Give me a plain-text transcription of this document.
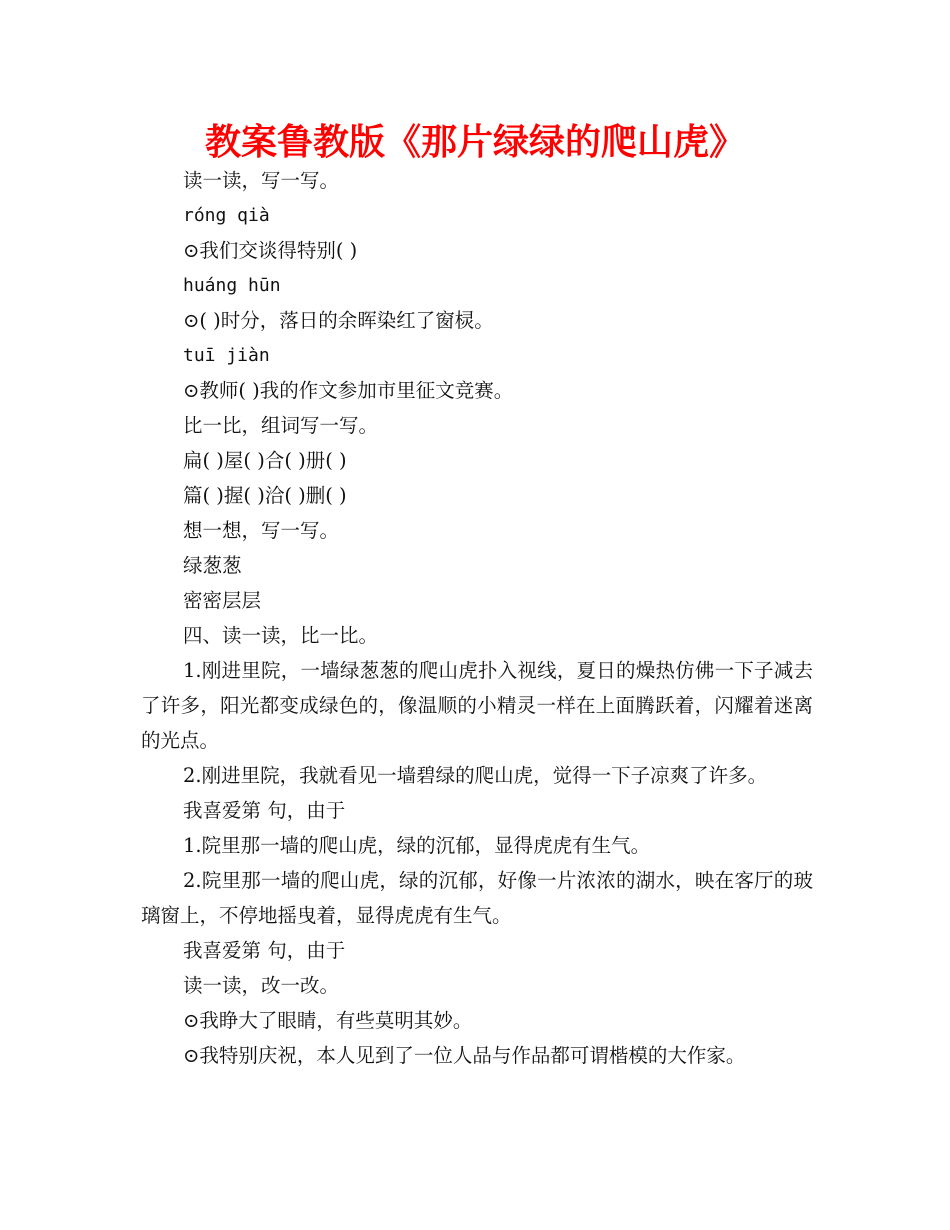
教案鲁教版《那片绿绿的爬山虎》

读一读，写一写。

róng qià

⊙我们交谈得特别( )

huáng hūn

⊙( )时分，落日的余晖染红了窗棂。

tuī jiàn

⊙教师( )我的作文参加市里征文竞赛。

比一比，组词写一写。

扁( )屋( )合( )册( )

篇( )握( )洽( )删( )

想一想，写一写。

绿葱葱

密密层层

四、读一读，比一比。

1.刚进里院，一墙绿葱葱的爬山虎扑入视线，夏日的燥热仿佛一下子减去了许多，阳光都变成绿色的，像温顺的小精灵一样在上面腾跃着，闪耀着迷离的光点。

2.刚进里院，我就看见一墙碧绿的爬山虎，觉得一下子凉爽了许多。

我喜爱第 句，由于

1.院里那一墙的爬山虎，绿的沉郁，显得虎虎有生气。

2.院里那一墙的爬山虎，绿的沉郁，好像一片浓浓的湖水，映在客厅的玻璃窗上，不停地摇曳着，显得虎虎有生气。

我喜爱第 句，由于

读一读，改一改。

⊙我睁大了眼睛，有些莫明其妙。

⊙我特别庆祝，本人见到了一位人品与作品都可谓楷模的大作家。
